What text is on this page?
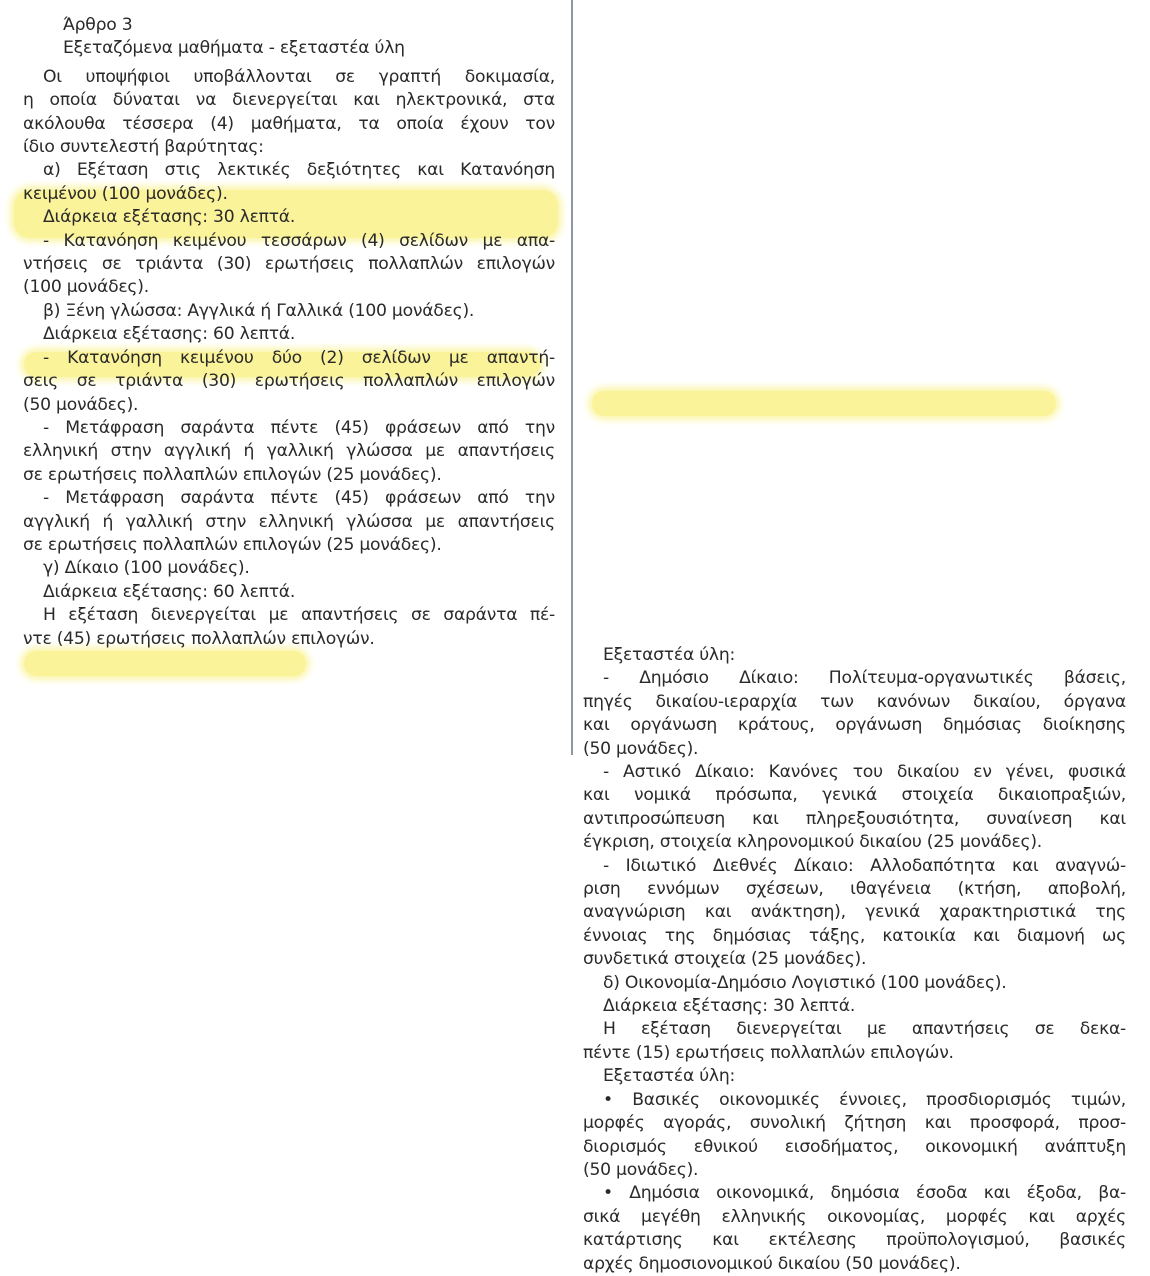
Άρθρο 3
Εξεταζόμενα μαθήματα - εξεταστέα ύλη
Οι υποψήφιοι υποβάλλονται σε γραπτή δοκιμασία,
η οποία δύναται να διενεργείται και ηλεκτρονικά, στα
ακόλουθα τέσσερα (4) μαθήματα, τα οποία έχουν τον
ίδιο συντελεστή βαρύτητας:
α) Εξέταση στις λεκτικές δεξιότητες και Κατανόηση
κειμένου (100 μονάδες).
Διάρκεια εξέτασης: 30 λεπτά.
- Κατανόηση κειμένου τεσσάρων (4) σελίδων με απα-
ντήσεις σε τριάντα (30) ερωτήσεις πολλαπλών επιλογών
(100 μονάδες).
β) Ξένη γλώσσα: Αγγλικά ή Γαλλικά (100 μονάδες).
Διάρκεια εξέτασης: 60 λεπτά.
- Κατανόηση κειμένου δύο (2) σελίδων με απαντή-
σεις σε τριάντα (30) ερωτήσεις πολλαπλών επιλογών
(50 μονάδες).
- Μετάφραση σαράντα πέντε (45) φράσεων από την
ελληνική στην αγγλική ή γαλλική γλώσσα με απαντήσεις
σε ερωτήσεις πολλαπλών επιλογών (25 μονάδες).
- Μετάφραση σαράντα πέντε (45) φράσεων από την
αγγλική ή γαλλική στην ελληνική γλώσσα με απαντήσεις
σε ερωτήσεις πολλαπλών επιλογών (25 μονάδες).
γ) Δίκαιο (100 μονάδες).
Διάρκεια εξέτασης: 60 λεπτά.
Η εξέταση διενεργείται με απαντήσεις σε σαράντα πέ-
ντε (45) ερωτήσεις πολλαπλών επιλογών.
Εξεταστέα ύλη:
- Δημόσιο Δίκαιο: Πολίτευμα-οργανωτικές βάσεις,
πηγές δικαίου-ιεραρχία των κανόνων δικαίου, όργανα
και οργάνωση κράτους, οργάνωση δημόσιας διοίκησης
(50 μονάδες).
- Αστικό Δίκαιο: Κανόνες του δικαίου εν γένει, φυσικά
και νομικά πρόσωπα, γενικά στοιχεία δικαιοπραξιών,
αντιπροσώπευση και πληρεξουσιότητα, συναίνεση και
έγκριση, στοιχεία κληρονομικού δικαίου (25 μονάδες).
- Ιδιωτικό Διεθνές Δίκαιο: Αλλοδαπότητα και αναγνώ-
ριση εννόμων σχέσεων, ιθαγένεια (κτήση, αποβολή,
αναγνώριση και ανάκτηση), γενικά χαρακτηριστικά της
έννοιας της δημόσιας τάξης, κατοικία και διαμονή ως
συνδετικά στοιχεία (25 μονάδες).
δ) Οικονομία-Δημόσιο Λογιστικό (100 μονάδες).
Διάρκεια εξέτασης: 30 λεπτά.
Η εξέταση διενεργείται με απαντήσεις σε δεκα-
πέντε (15) ερωτήσεις πολλαπλών επιλογών.
Εξεταστέα ύλη:
• Βασικές οικονομικές έννοιες, προσδιορισμός τιμών,
μορφές αγοράς, συνολική ζήτηση και προσφορά, προσ-
διορισμός εθνικού εισοδήματος, οικονομική ανάπτυξη
(50 μονάδες).
• Δημόσια οικονομικά, δημόσια έσοδα και έξοδα, βα-
σικά μεγέθη ελληνικής οικονομίας, μορφές και αρχές
κατάρτισης και εκτέλεσης προϋπολογισμού, βασικές
αρχές δημοσιονομικού δικαίου (50 μονάδες).
